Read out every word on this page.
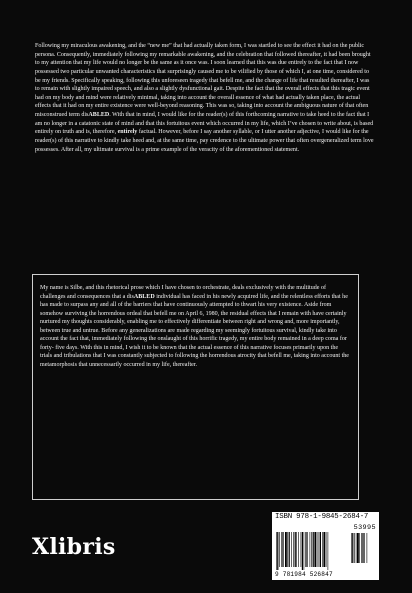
Following my miraculous awakening, and the “new me” that had actually taken form, I was startled to see the effect it had on the public persona. Consequently, immediately following my remarkable awakening, and the celebration that followed thereafter, it had been brought to my attention that my life would no longer be the same as it once was. I soon learned that this was due entirely to the fact that I now possessed two particular unwanted characteristics that surprisingly caused me to be vilified by those of which I, at one time, considered to be my friends. Specifically speaking, following this unforeseen tragedy that befell me, and the change of life that resulted thereafter, I was to remain with slightly impaired speech, and also a slightly dysfunctional gait. Despite the fact that the overall effects that this tragic event had on my body and mind were relatively minimal, taking into account the overall essence of what had actually taken place, the actual effects that it had on my entire existence were well-beyond reasoning. This was so, taking into account the ambiguous nature of that often misconstrued term disABLED. With that in mind, I would like for the reader(s) of this forthcoming narrative to take heed to the fact that I am no longer in a catatonic state of mind and that this fortuitous event which occurred in my life, which I’ve chosen to write about, is based entirely on truth and is, therefore, entirely factual. However, before I say another syllable, or I utter another adjective, I would like for the reader(s) of this narrative to kindly take heed and, at the same time, pay credence to the ultimate power that often overgeneralized term love possesses. After all, my ultimate survival is a prime example of the veracity of the aforementioned statement.

My name is Silbe, and this rhetorical prose which I have chosen to orchestrate, deals exclusively with the multitude of challenges and consequences that a disABLED individual has faced in his newly acquired life, and the relentless efforts that he has made to surpass any and all of the barriers that have continuously attempted to thwart his very existence. Aside from somehow surviving the horrendous ordeal that befell me on April 6, 1980, the residual effects that I remain with have certainly nurtured my thoughts considerably, enabling me to effectively differentiate between right and wrong and, more importantly, between true and untrue. Before any generalizations are made regarding my seemingly fortuitous survival, kindly take into account the fact that, immediately following the onslaught of this horrific tragedy, my entire body remained in a deep coma for forty- five days. With this in mind, I wish it to be known that the actual essence of this narrative focuses primarily upon the trials and tribulations that I was constantly subjected to following the horrendous atrocity that befell me, taking into account the metamorphosis that unnecessarily occurred in my life, thereafter.

Xlibris
ISBN 978-1-9845-2684-7
53995
9 781984 526847
